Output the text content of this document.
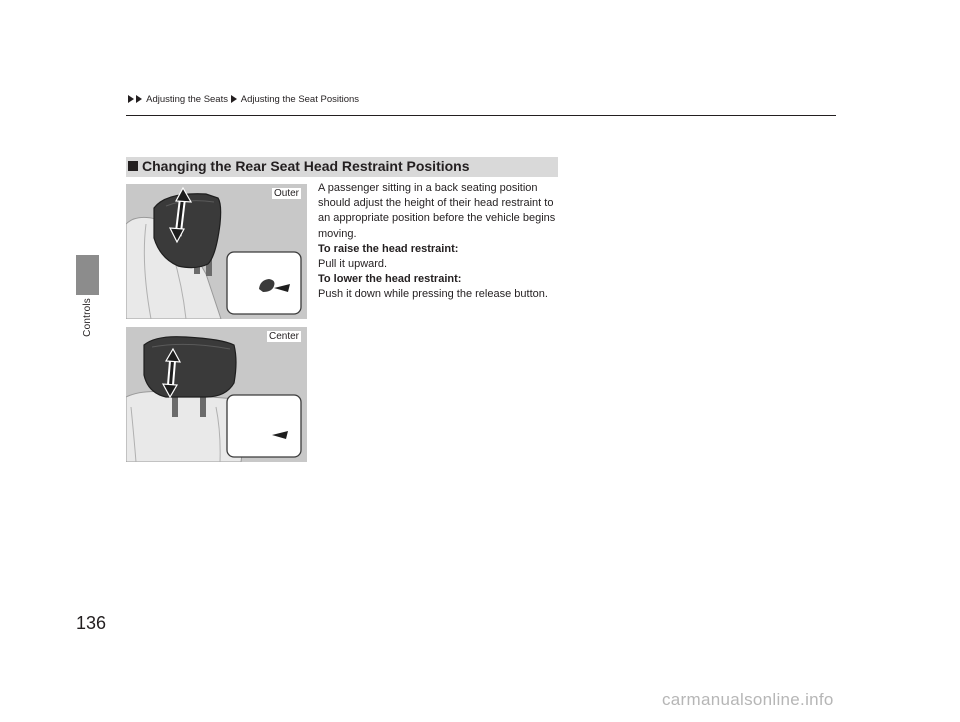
Controls
Adjusting the Seats Adjusting the Seat Positions
Changing the Rear Seat Head Restraint Positions
Outer
Center

A passenger sitting in a back seating position should adjust the height of their head restraint to an appropriate position before the vehicle begins moving.

To raise the head restraint:

Pull it upward.

To lower the head restraint:

Push it down while pressing the release button.

136
carmanualsonline.info
